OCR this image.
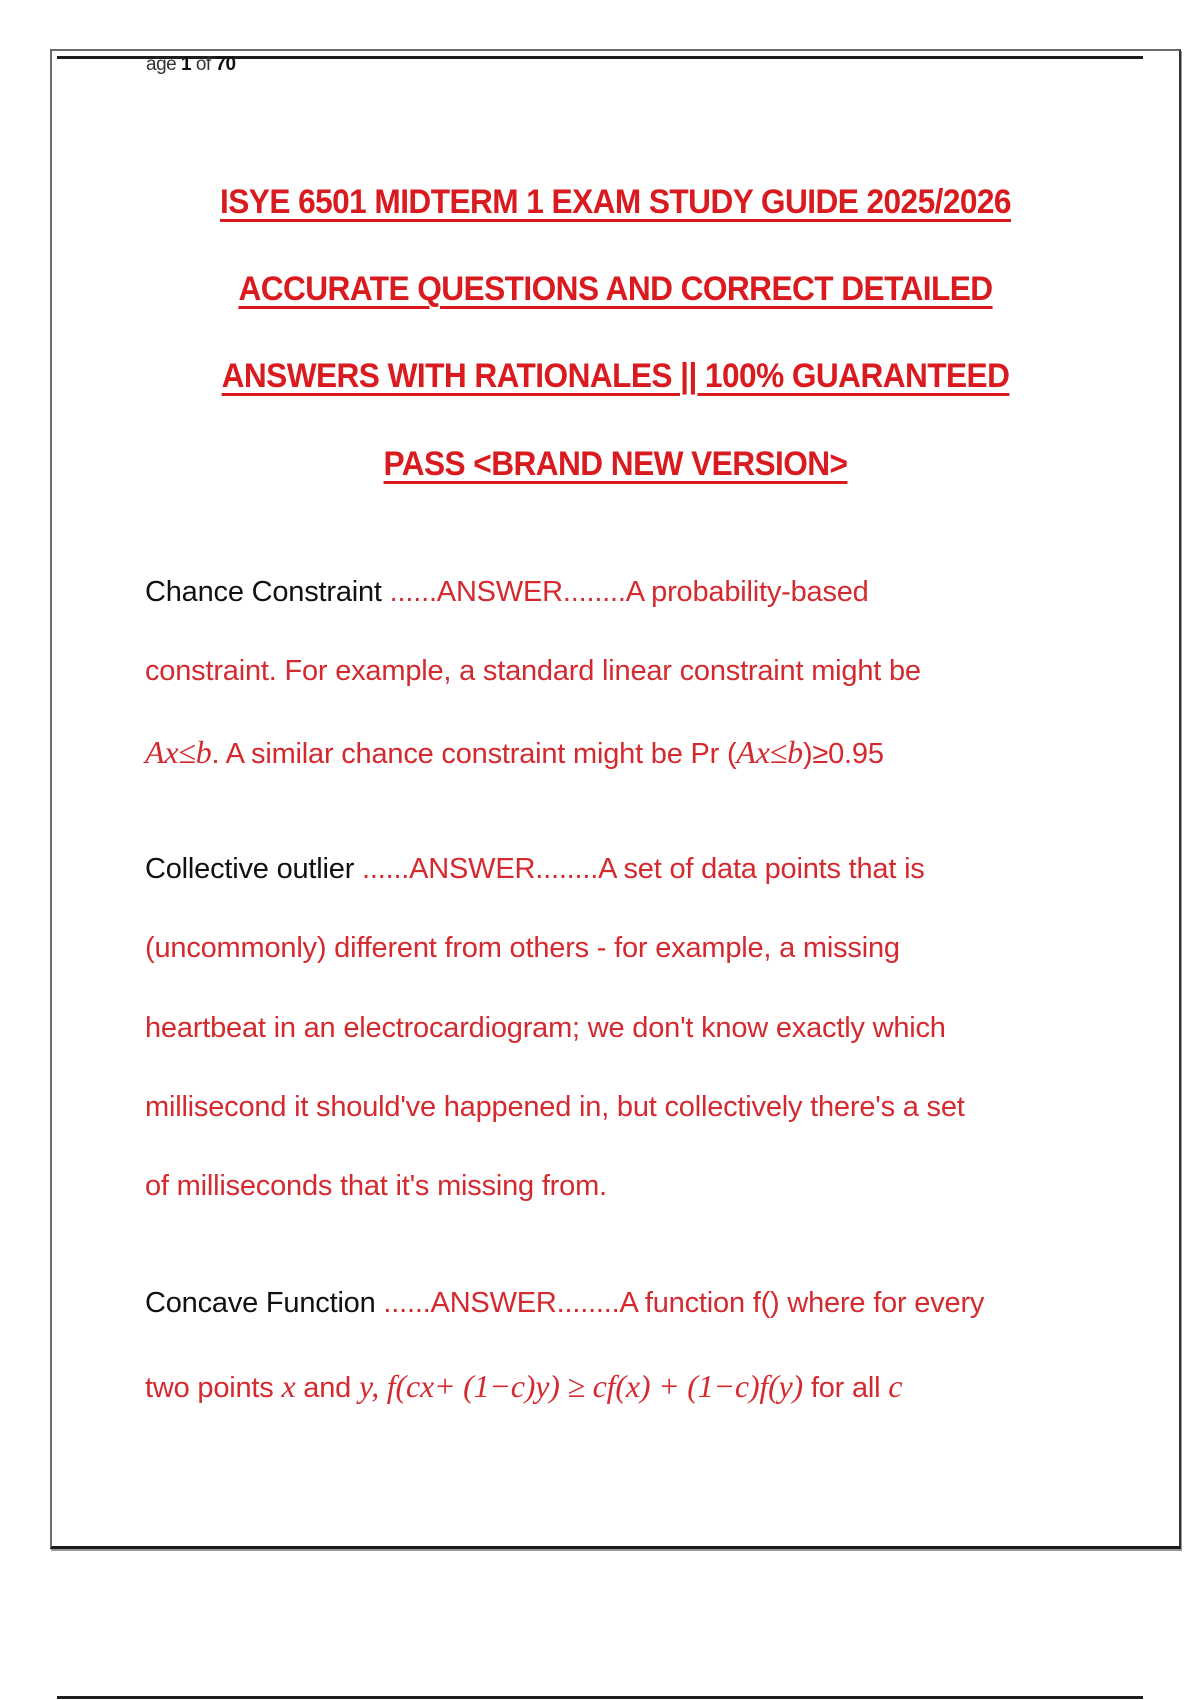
age 1 of 70
ISYE 6501 MIDTERM 1 EXAM STUDY GUIDE 2025/2026
ACCURATE QUESTIONS AND CORRECT DETAILED
ANSWERS WITH RATIONALES || 100% GUARANTEED
PASS <BRAND NEW VERSION>
Chance Constraint ......ANSWER........A probability-based
constraint. For example, a standard linear constraint might be
Ax≤b. A similar chance constraint might be Pr (Ax≤b)≥0.95
Collective outlier ......ANSWER........A set of data points that is
(uncommonly) different from others - for example, a missing
heartbeat in an electrocardiogram; we don't know exactly which
millisecond it should've happened in, but collectively there's a set
of milliseconds that it's missing from.
Concave Function ......ANSWER........A function f() where for every
two points x and y, f(cx+ (1−c)y) ≥ cf(x) + (1−c)f(y) for all c
